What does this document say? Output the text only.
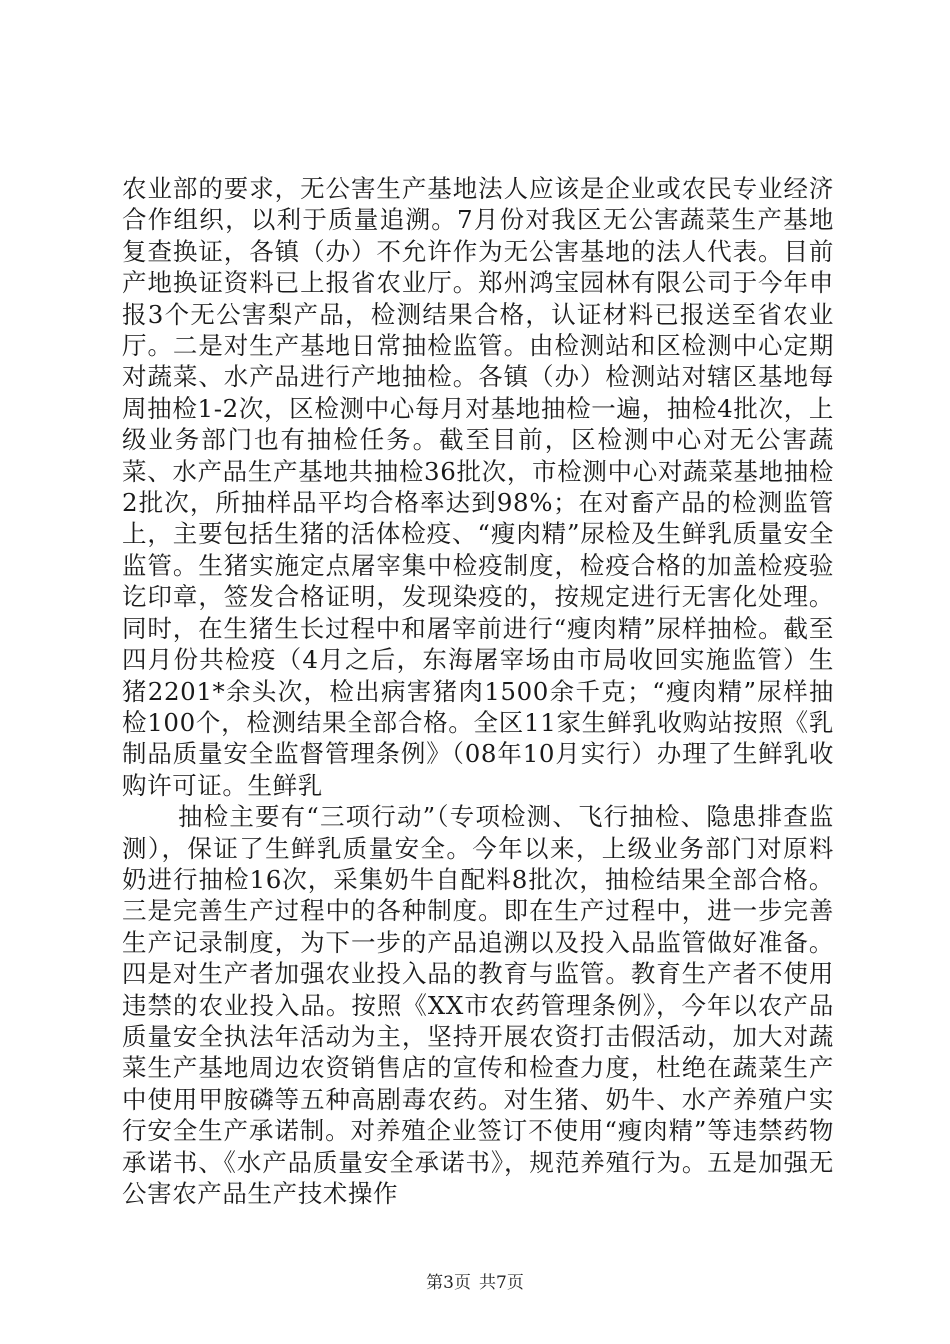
农业部的要求，无公害生产基地法人应该是企业或农民专业经济合作组织，以利于质量追溯。7月份对我区无公害蔬菜生产基地复查换证，各镇（办）不允许作为无公害基地的法人代表。目前产地换证资料已上报省农业厅。郑州鸿宝园林有限公司于今年申报3个无公害梨产品，检测结果合格，认证材料已报送至省农业厅。二是对生产基地日常抽检监管。由检测站和区检测中心定期对蔬菜、水产品进行产地抽检。各镇（办）检测站对辖区基地每周抽检1-2次，区检测中心每月对基地抽检一遍，抽检4批次，上级业务部门也有抽检任务。截至目前，区检测中心对无公害蔬菜、水产品生产基地共抽检36批次，市检测中心对蔬菜基地抽检2批次，所抽样品平均合格率达到98%；在对畜产品的检测监管上，主要包括生猪的活体检疫、“瘦肉精”尿检及生鲜乳质量安全监管。生猪实施定点屠宰集中检疫制度，检疫合格的加盖检疫验讫印章，签发合格证明，发现染疫的，按规定进行无害化处理。同时，在生猪生长过程中和屠宰前进行“瘦肉精”尿样抽检。截至四月份共检疫（4月之后，东海屠宰场由市局收回实施监管）生猪2201*余头次，检出病害猪肉1500余千克；“瘦肉精”尿样抽检100个，检测结果全部合格。全区11家生鲜乳收购站按照《乳制品质量安全监督管理条例》（08年10月实行）办理了生鲜乳收购许可证。生鲜乳

抽检主要有“三项行动”（专项检测、飞行抽检、隐患排查监测），保证了生鲜乳质量安全。今年以来，上级业务部门对原料奶进行抽检16次，采集奶牛自配料8批次，抽检结果全部合格。三是完善生产过程中的各种制度。即在生产过程中，进一步完善生产记录制度，为下一步的产品追溯以及投入品监管做好准备。四是对生产者加强农业投入品的教育与监管。教育生产者不使用违禁的农业投入品。按照《XX市农药管理条例》，今年以农产品质量安全执法年活动为主，坚持开展农资打击假活动，加大对蔬菜生产基地周边农资销售店的宣传和检查力度，杜绝在蔬菜生产中使用甲胺磷等五种高剧毒农药。对生猪、奶牛、水产养殖户实行安全生产承诺制。对养殖企业签订不使用“瘦肉精”等违禁药物承诺书、《水产品质量安全承诺书》，规范养殖行为。五是加强无公害农产品生产技术操作

第3页 共7页
